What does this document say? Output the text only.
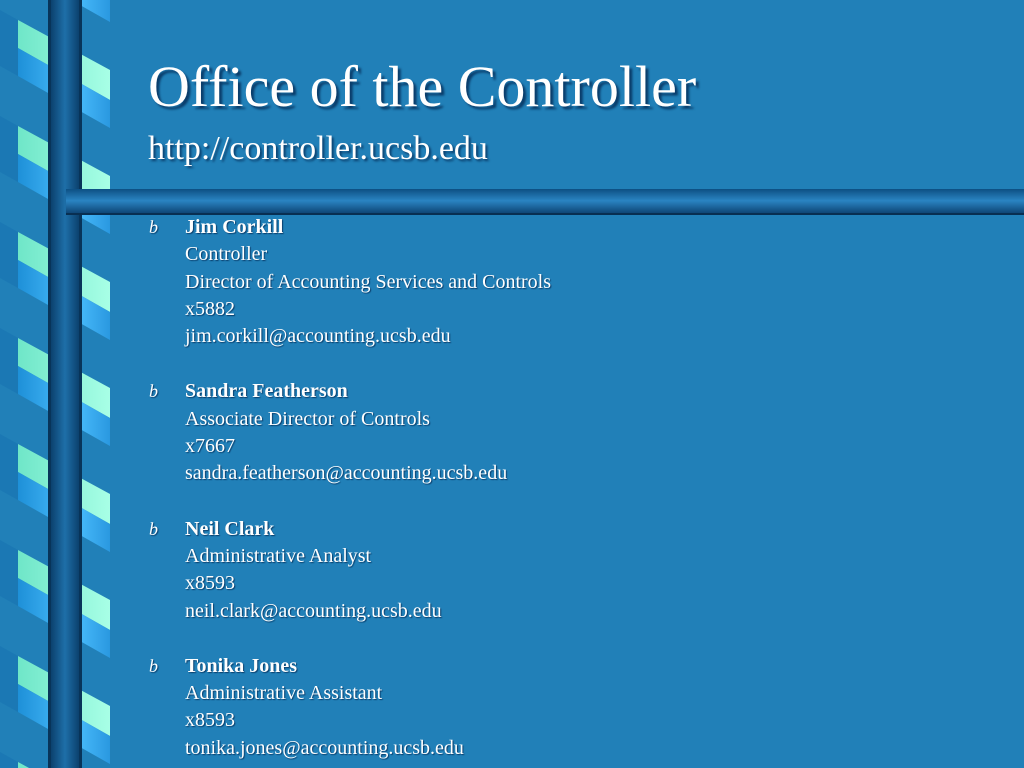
Office of the Controller
http://controller.ucsb.edu
b Jim Corkill
Controller
Director of Accounting Services and Controls
x5882
jim.corkill@accounting.ucsb.edu
b Sandra Featherson
Associate Director of Controls
x7667
sandra.featherson@accounting.ucsb.edu
b Neil Clark
Administrative Analyst
x8593
neil.clark@accounting.ucsb.edu
b Tonika Jones
Administrative Assistant
x8593
tonika.jones@accounting.ucsb.edu
